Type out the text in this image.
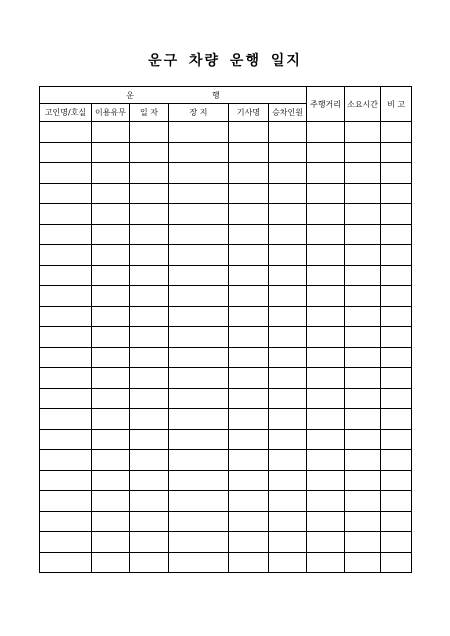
운구 차량 운행 일지
운 행						주행거리	소요시간	비 고
고인명/호실	이용유무	일 자	장 지	기사명	승차인원			
